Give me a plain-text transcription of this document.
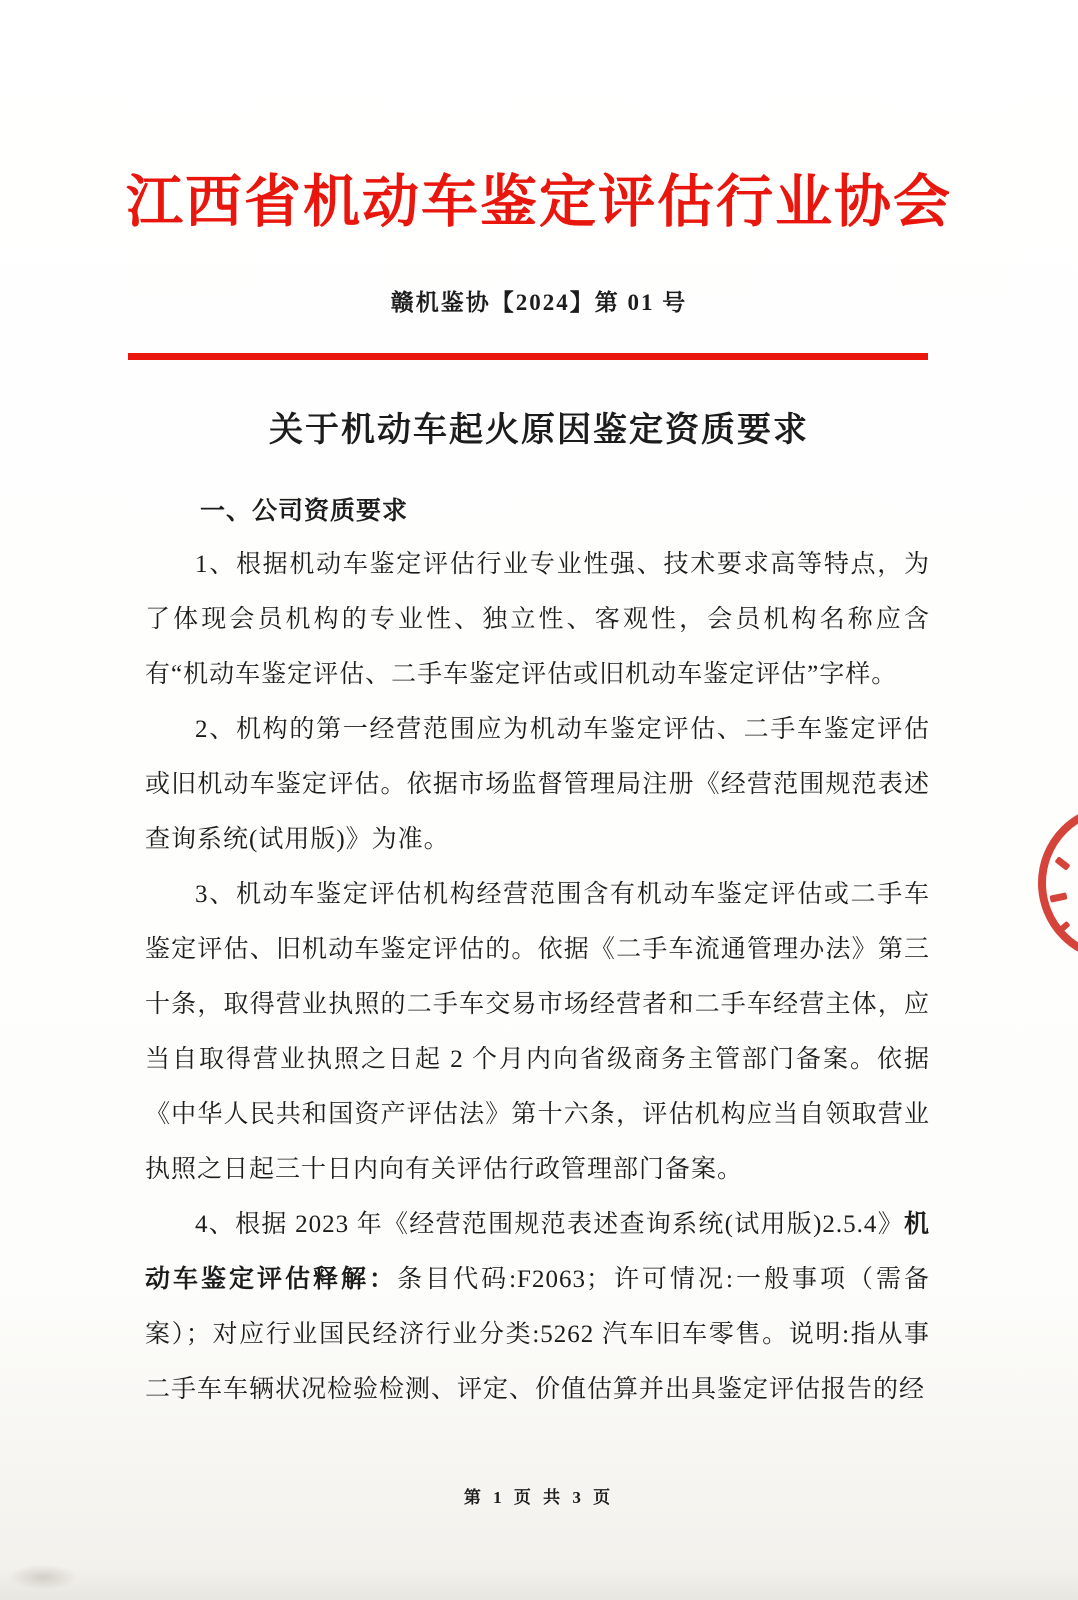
江西省机动车鉴定评估行业协会
赣机鉴协【2024】第 01 号
关于机动车起火原因鉴定资质要求
一、公司资质要求

1、根据机动车鉴定评估行业专业性强、技术要求高等特点，为了体现会员机构的专业性、独立性、客观性，会员机构名称应含有“机动车鉴定评估、二手车鉴定评估或旧机动车鉴定评估”字样。

2、机构的第一经营范围应为机动车鉴定评估、二手车鉴定评估或旧机动车鉴定评估。依据市场监督管理局注册《经营范围规范表述查询系统(试用版)》为准。

3、机动车鉴定评估机构经营范围含有机动车鉴定评估或二手车鉴定评估、旧机动车鉴定评估的。依据《二手车流通管理办法》第三十条，取得营业执照的二手车交易市场经营者和二手车经营主体，应当自取得营业执照之日起 2 个月内向省级商务主管部门备案。依据《中华人民共和国资产评估法》第十六条，评估机构应当自领取营业执照之日起三十日内向有关评估行政管理部门备案。

4、根据 2023 年《经营范围规范表述查询系统(试用版)2.5.4》机动车鉴定评估释解：条目代码:F2063；许可情况:一般事项（需备案）；对应行业国民经济行业分类:5262 汽车旧车零售。说明:指从事二手车车辆状况检验检测、评定、价值估算并出具鉴定评估报告的经

第 1 页 共 3 页
